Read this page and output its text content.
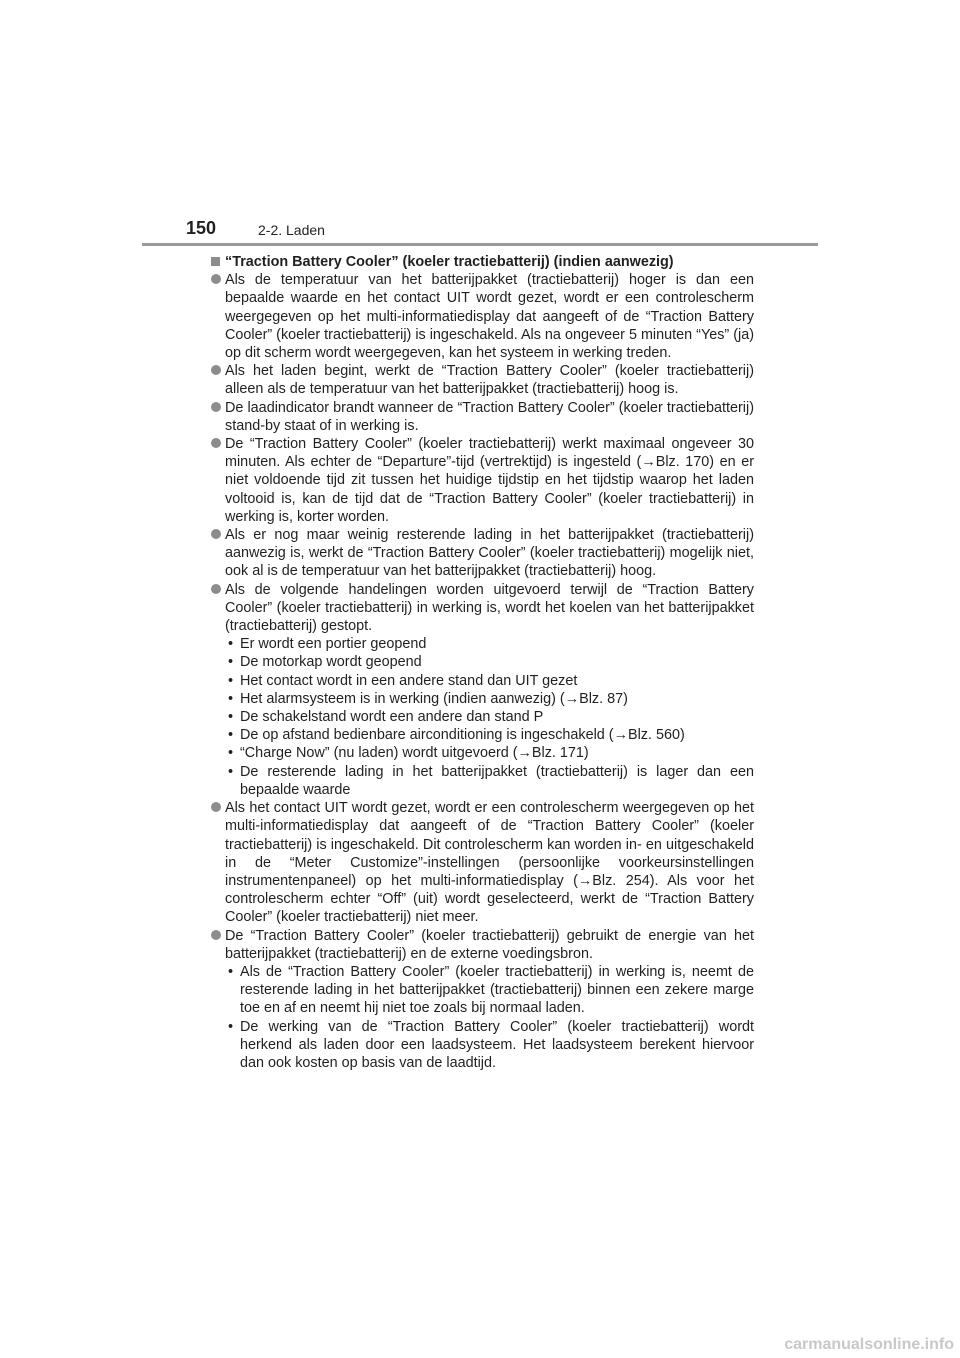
150	2-2. Laden
“Traction Battery Cooler” (koeler tractiebatterij) (indien aanwezig)
Als de temperatuur van het batterijpakket (tractiebatterij) hoger is dan een bepaalde waarde en het contact UIT wordt gezet, wordt er een controlescherm weergegeven op het multi-informatiedisplay dat aangeeft of de “Traction Battery Cooler” (koeler tractiebatterij) is ingeschakeld. Als na ongeveer 5 minuten “Yes” (ja) op dit scherm wordt weergegeven, kan het systeem in werking treden.
Als het laden begint, werkt de “Traction Battery Cooler” (koeler tractiebatterij) alleen als de temperatuur van het batterijpakket (tractiebatterij) hoog is.
De laadindicator brandt wanneer de “Traction Battery Cooler” (koeler tractiebatterij) stand-by staat of in werking is.
De “Traction Battery Cooler” (koeler tractiebatterij) werkt maximaal ongeveer 30 minuten. Als echter de “Departure”-tijd (vertrektijd) is ingesteld (→Blz. 170) en er niet voldoende tijd zit tussen het huidige tijdstip en het tijdstip waarop het laden voltooid is, kan de tijd dat de “Traction Battery Cooler” (koeler tractiebatterij) in werking is, korter worden.
Als er nog maar weinig resterende lading in het batterijpakket (tractiebatterij) aanwezig is, werkt de “Traction Battery Cooler” (koeler tractiebatterij) mogelijk niet, ook al is de temperatuur van het batterijpakket (tractiebatterij) hoog.
Als de volgende handelingen worden uitgevoerd terwijl de “Traction Battery Cooler” (koeler tractiebatterij) in werking is, wordt het koelen van het batterijpakket (tractiebatterij) gestopt.
• Er wordt een portier geopend
• De motorkap wordt geopend
• Het contact wordt in een andere stand dan UIT gezet
• Het alarmsysteem is in werking (indien aanwezig) (→Blz. 87)
• De schakelstand wordt een andere dan stand P
• De op afstand bedienbare airconditioning is ingeschakeld (→Blz. 560)
• “Charge Now” (nu laden) wordt uitgevoerd (→Blz. 171)
• De resterende lading in het batterijpakket (tractiebatterij) is lager dan een bepaalde waarde
Als het contact UIT wordt gezet, wordt er een controlescherm weergegeven op het multi-informatiedisplay dat aangeeft of de “Traction Battery Cooler” (koeler tractiebatterij) is ingeschakeld. Dit controlescherm kan worden in- en uitgeschakeld in de “Meter Customize”-instellingen (persoonlijke voorkeursinstellingen instrumentenpaneel) op het multi-informatiedisplay (→Blz. 254). Als voor het controlescherm echter “Off” (uit) wordt geselecteerd, werkt de “Traction Battery Cooler” (koeler tractiebatterij) niet meer.
De “Traction Battery Cooler” (koeler tractiebatterij) gebruikt de energie van het batterijpakket (tractiebatterij) en de externe voedingsbron.
• Als de “Traction Battery Cooler” (koeler tractiebatterij) in werking is, neemt de resterende lading in het batterijpakket (tractiebatterij) binnen een zekere marge toe en af en neemt hij niet toe zoals bij normaal laden.
• De werking van de “Traction Battery Cooler” (koeler tractiebatterij) wordt herkend als laden door een laadsysteem. Het laadsysteem berekent hiervoor dan ook kosten op basis van de laadtijd.
carmanualsonline.info
